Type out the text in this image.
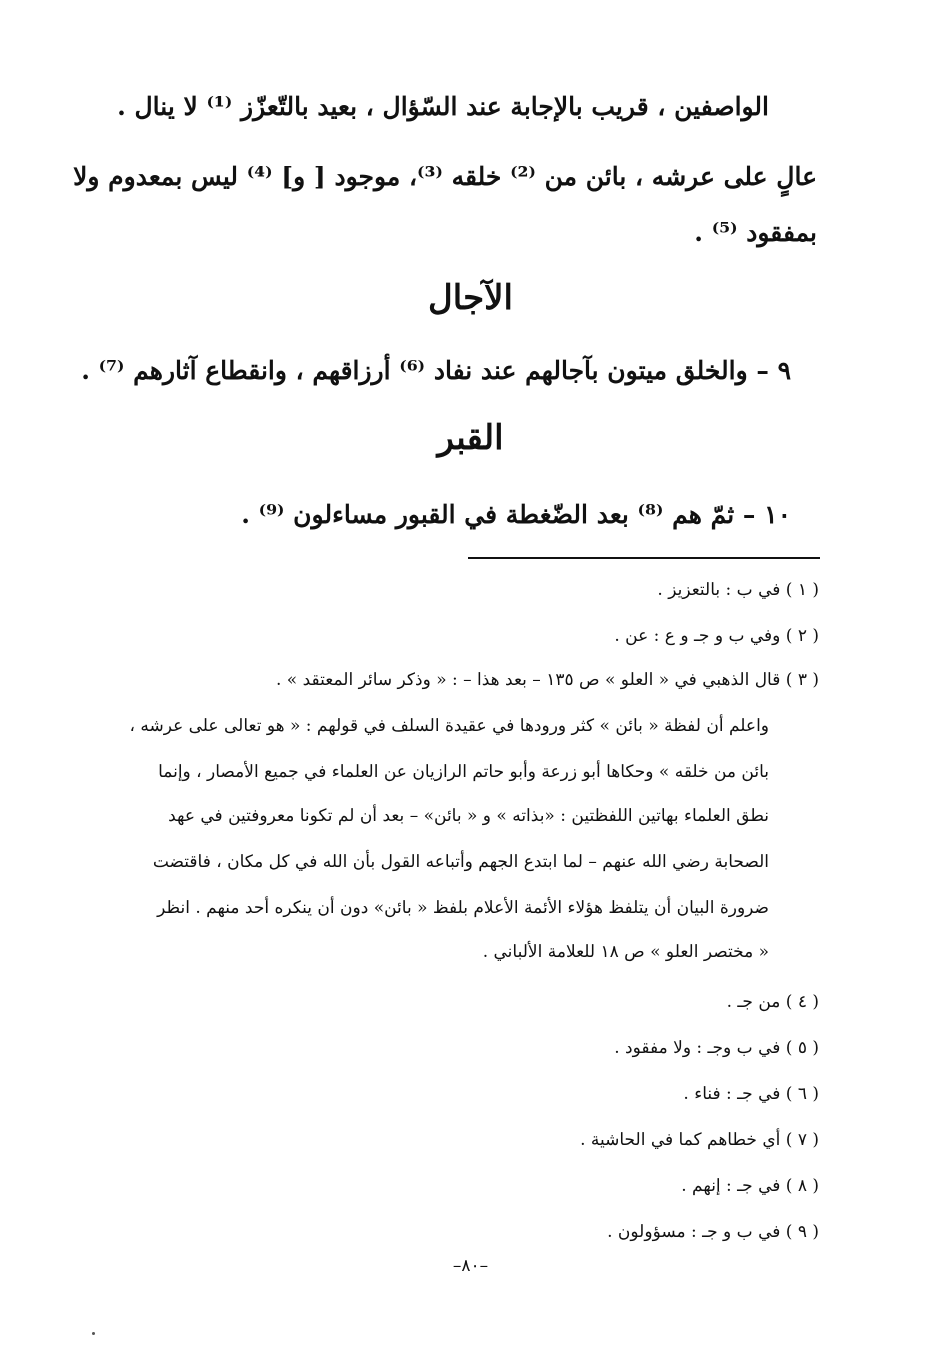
الواصفين ، قريب بالإجابة عند السّؤال ، بعيد بالتّعزّز ⁽¹⁾ لا ينال .
عالٍ على عرشه ، بائن من ⁽²⁾ خلقه ⁽³⁾، موجود [ و] ⁽⁴⁾ ليس بمعدوم ولا
بمفقود ⁽⁵⁾ .
الآجال
٩ – والخلق ميتون بآجالهم عند نفاد ⁽⁶⁾ أرزاقهم ، وانقطاع آثارهم ⁽⁷⁾ .
القبر
١٠ – ثمّ هم ⁽⁸⁾ بعد الضّغطة في القبور مساءلون ⁽⁹⁾ .
( ١ ) في ب : بالتعزيز .
( ٢ ) وفي ب و جـ و ع : عن .
( ٣ ) قال الذهبي في « العلو » ص ١٣٥ – بعد هذا – : « وذكر سائر المعتقد » .
واعلم أن لفظة « بائن » كثر ورودها في عقيدة السلف في قولهم : « هو تعالى على عرشه ،
بائن من خلقه » وحكاها أبو زرعة وأبو حاتم الرازيان عن العلماء في جميع الأمصار ، وإنما
نطق العلماء بهاتين اللفظتين : «بذاته » و « بائن» – بعد أن لم تكونا معروفتين في عهد
الصحابة رضي الله عنهم – لما ابتدع الجهم وأتباعه القول بأن الله في كل مكان ، فاقتضت
ضرورة البيان أن يتلفظ هؤلاء الأئمة الأعلام بلفظ « بائن» دون أن ينكره أحد منهم . انظر
« مختصر العلو » ص ١٨ للعلامة الألباني .
( ٤ ) من جـ .
( ٥ ) في ب وجـ : ولا مفقود .
( ٦ ) في جـ : فناء .
( ٧ ) أي خطاهم كما في الحاشية .
( ٨ ) في جـ : إنهم .
( ٩ ) في ب و جـ : مسؤولون .
–٨٠–
